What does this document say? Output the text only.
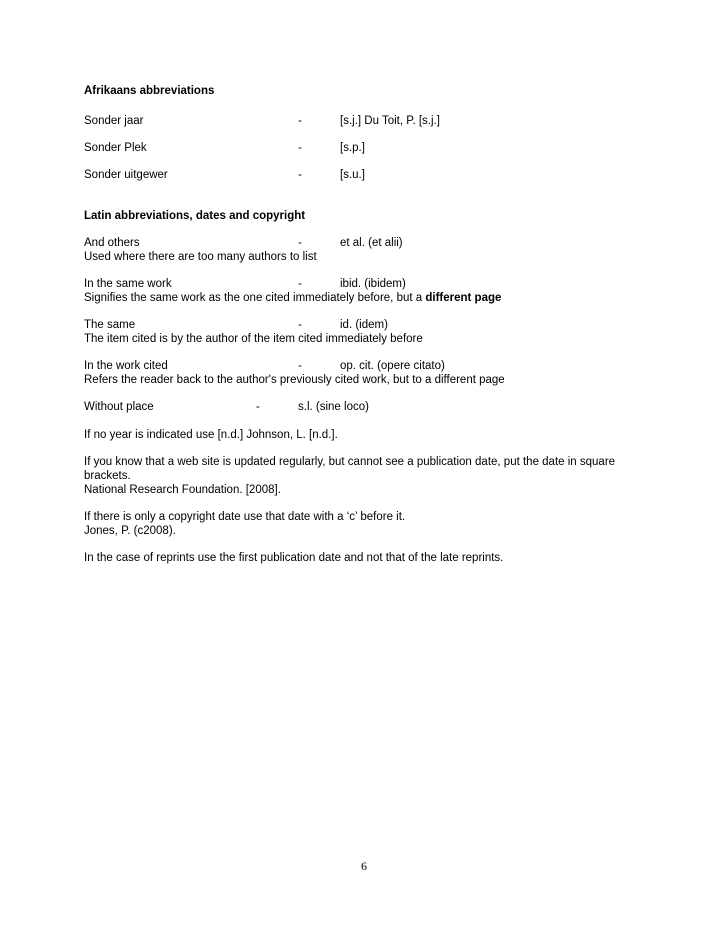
Afrikaans abbreviations
Sonder jaar	-	[s.j.] Du Toit, P. [s.j.]
Sonder Plek	-	[s.p.]
Sonder uitgewer	-	[s.u.]
Latin abbreviations, dates and copyright
And others	-	et al. (et alii)
Used where there are too many authors to list
In the same work	-	ibid. (ibidem)
Signifies the same work as the one cited immediately before, but a different page
The same	-	id. (idem)
The item cited is by the author of the item cited immediately before
In the work cited	-	op. cit. (opere citato)
Refers the reader back to the author's previously cited work, but to a different page
Without place	-	s.l. (sine loco)
If no year is indicated use [n.d.] Johnson, L. [n.d.].
If you know that a web site is updated regularly, but cannot see a publication date, put the date in square
brackets.
National Research Foundation. [2008].
If there is only a copyright date use that date with a ‘c’ before it.
Jones, P. (c2008).
In the case of reprints use the first publication date and not that of the late reprints.
6
